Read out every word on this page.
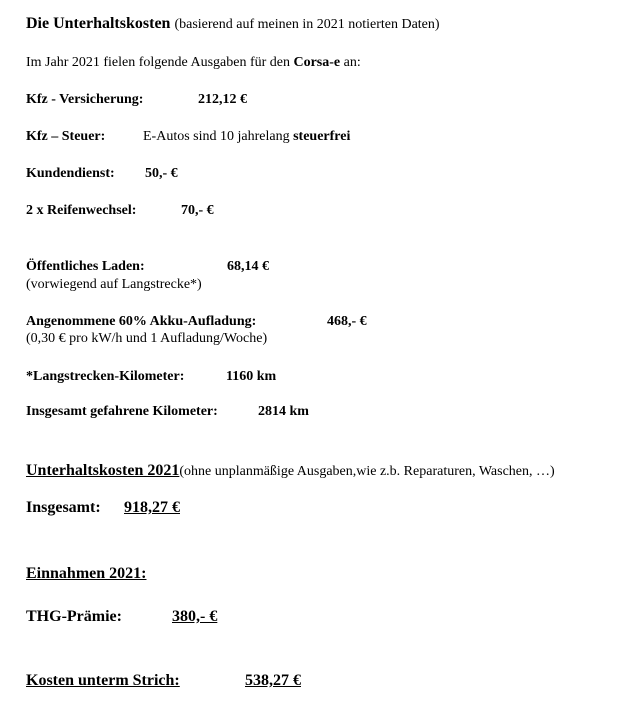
Die Unterhaltskosten (basierend auf meinen in 2021 notierten Daten)
Im Jahr 2021 fielen folgende Ausgaben für den Corsa-e an:
Kfz - Versicherung:	212,12 €
Kfz – Steuer:	E-Autos sind 10 jahrelang steuerfrei
Kundendienst: 50,- €
2 x Reifenwechsel:	70,- €
Öffentliches Laden:	68,14 €
(vorwiegend auf Langstrecke*)
Angenommene 60% Akku-Aufladung:	468,- €
(0,30 € pro kW/h und 1 Aufladung/Woche)
*Langstrecken-Kilometer:	1160 km
Insgesamt gefahrene Kilometer:	2814 km
Unterhaltskosten 2021(ohne unplanmäßige Ausgaben,wie z.b. Reparaturen, Waschen, …)
Insgesamt: 918,27 €
Einnahmen 2021:
THG-Prämie:	380,- €
Kosten unterm Strich:	538,27 €
